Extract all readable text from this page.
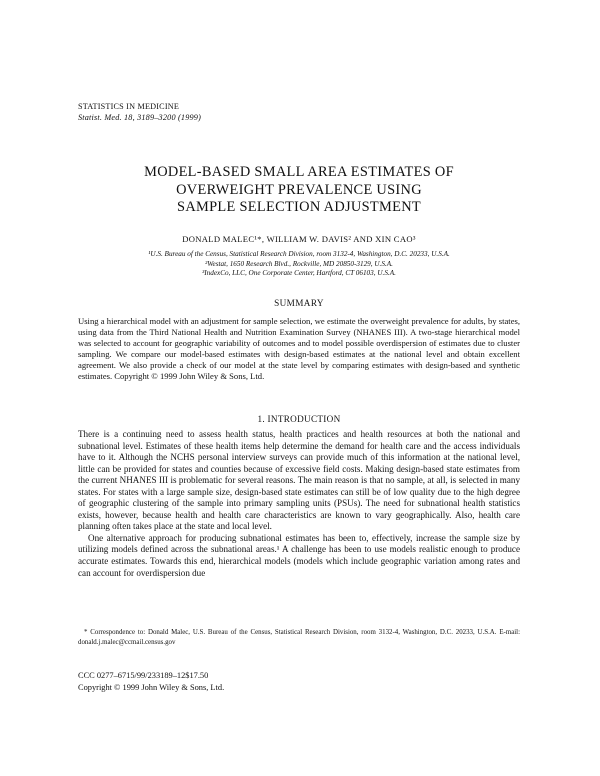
STATISTICS IN MEDICINE
Statist. Med. 18, 3189–3200 (1999)
MODEL-BASED SMALL AREA ESTIMATES OF
OVERWEIGHT PREVALENCE USING
SAMPLE SELECTION ADJUSTMENT
DONALD MALEC¹*, WILLIAM W. DAVIS² AND XIN CAO³
¹U.S. Bureau of the Census, Statistical Research Division, room 3132-4, Washington, D.C. 20233, U.S.A.
²Westat, 1650 Research Blvd., Rockville, MD 20850-3129, U.S.A.
³IndexCo, LLC, One Corporate Center, Hartford, CT 06103, U.S.A.
SUMMARY
Using a hierarchical model with an adjustment for sample selection, we estimate the overweight prevalence for adults, by states, using data from the Third National Health and Nutrition Examination Survey (NHANES III). A two-stage hierarchical model was selected to account for geographic variability of outcomes and to model possible overdispersion of estimates due to cluster sampling. We compare our model-based estimates with design-based estimates at the national level and obtain excellent agreement. We also provide a check of our model at the state level by comparing estimates with design-based and synthetic estimates. Copyright © 1999 John Wiley & Sons, Ltd.
1. INTRODUCTION

There is a continuing need to assess health status, health practices and health resources at both the national and subnational level. Estimates of these health items help determine the demand for health care and the access individuals have to it. Although the NCHS personal interview surveys can provide much of this information at the national level, little can be provided for states and counties because of excessive field costs. Making design-based state estimates from the current NHANES III is problematic for several reasons. The main reason is that no sample, at all, is selected in many states. For states with a large sample size, design-based state estimates can still be of low quality due to the high degree of geographic clustering of the sample into primary sampling units (PSUs). The need for subnational health statistics exists, however, because health and health care characteristics are known to vary geographically. Also, health care planning often takes place at the state and local level.

One alternative approach for producing subnational estimates has been to, effectively, increase the sample size by utilizing models defined across the subnational areas.¹ A challenge has been to use models realistic enough to produce accurate estimates. Towards this end, hierarchical models (models which include geographic variation among rates and can account for overdispersion due

* Correspondence to: Donald Malec, U.S. Bureau of the Census, Statistical Research Division, room 3132-4, Washington, D.C. 20233, U.S.A. E-mail: donald.j.malec@ccmail.census.gov

CCC 0277–6715/99/233189–12$17.50
Copyright © 1999 John Wiley & Sons, Ltd.
